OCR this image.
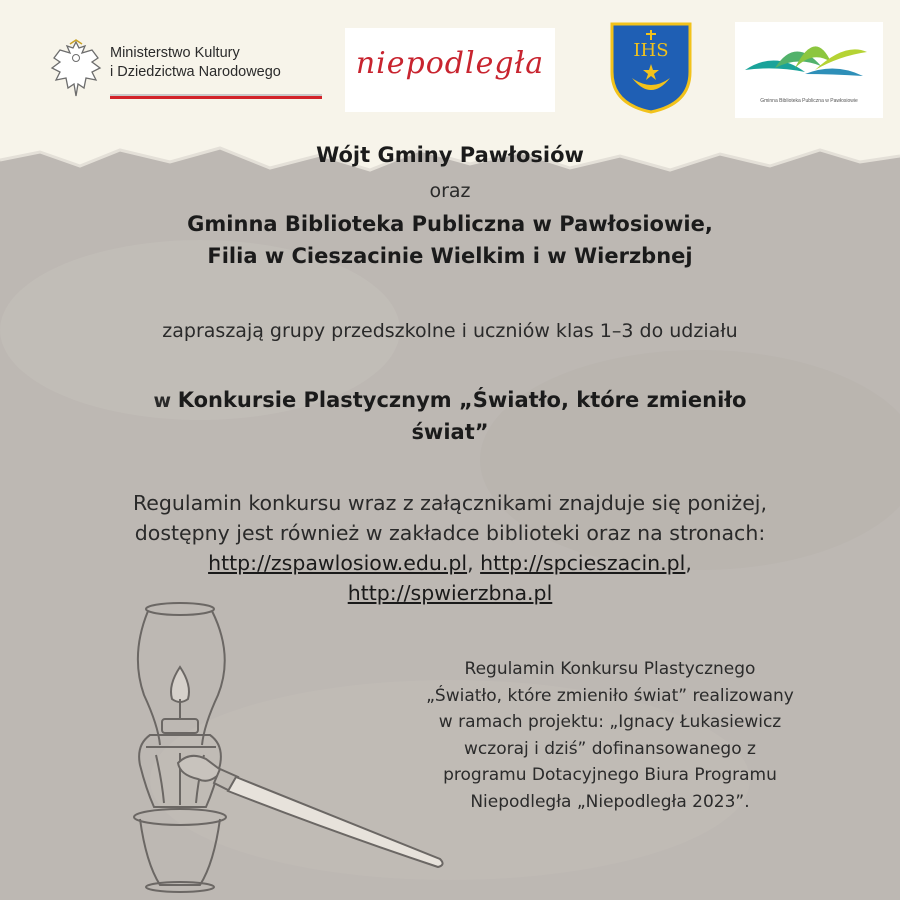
Ministerstwo Kultury
i Dziedzictwa Narodowego	niepodległa	IHS
Gminna Biblioteka Publiczna w Pawłosiowie
Wójt Gminy Pawłosiów
oraz
Gminna Biblioteka Publiczna w Pawłosiowie,
Filia w Cieszacinie Wielkim i w Wierzbnej
zapraszają grupy przedszkolne i uczniów klas 1–3 do udziału
w Konkursie Plastycznym „Światło, które zmieniło
świat”
Regulamin konkursu wraz z załącznikami znajduje się poniżej,
dostępny jest również w zakładce biblioteki oraz na stronach:
http://zspawlosiow.edu.pl, http://spcieszacin.pl,
http://spwierzbna.pl
Regulamin Konkursu Plastycznego
„Światło, które zmieniło świat” realizowany
w ramach projektu: „Ignacy Łukasiewicz
wczoraj i dziś” dofinansowanego z
programu Dotacyjnego Biura Programu
Niepodległa „Niepodległa 2023”.
